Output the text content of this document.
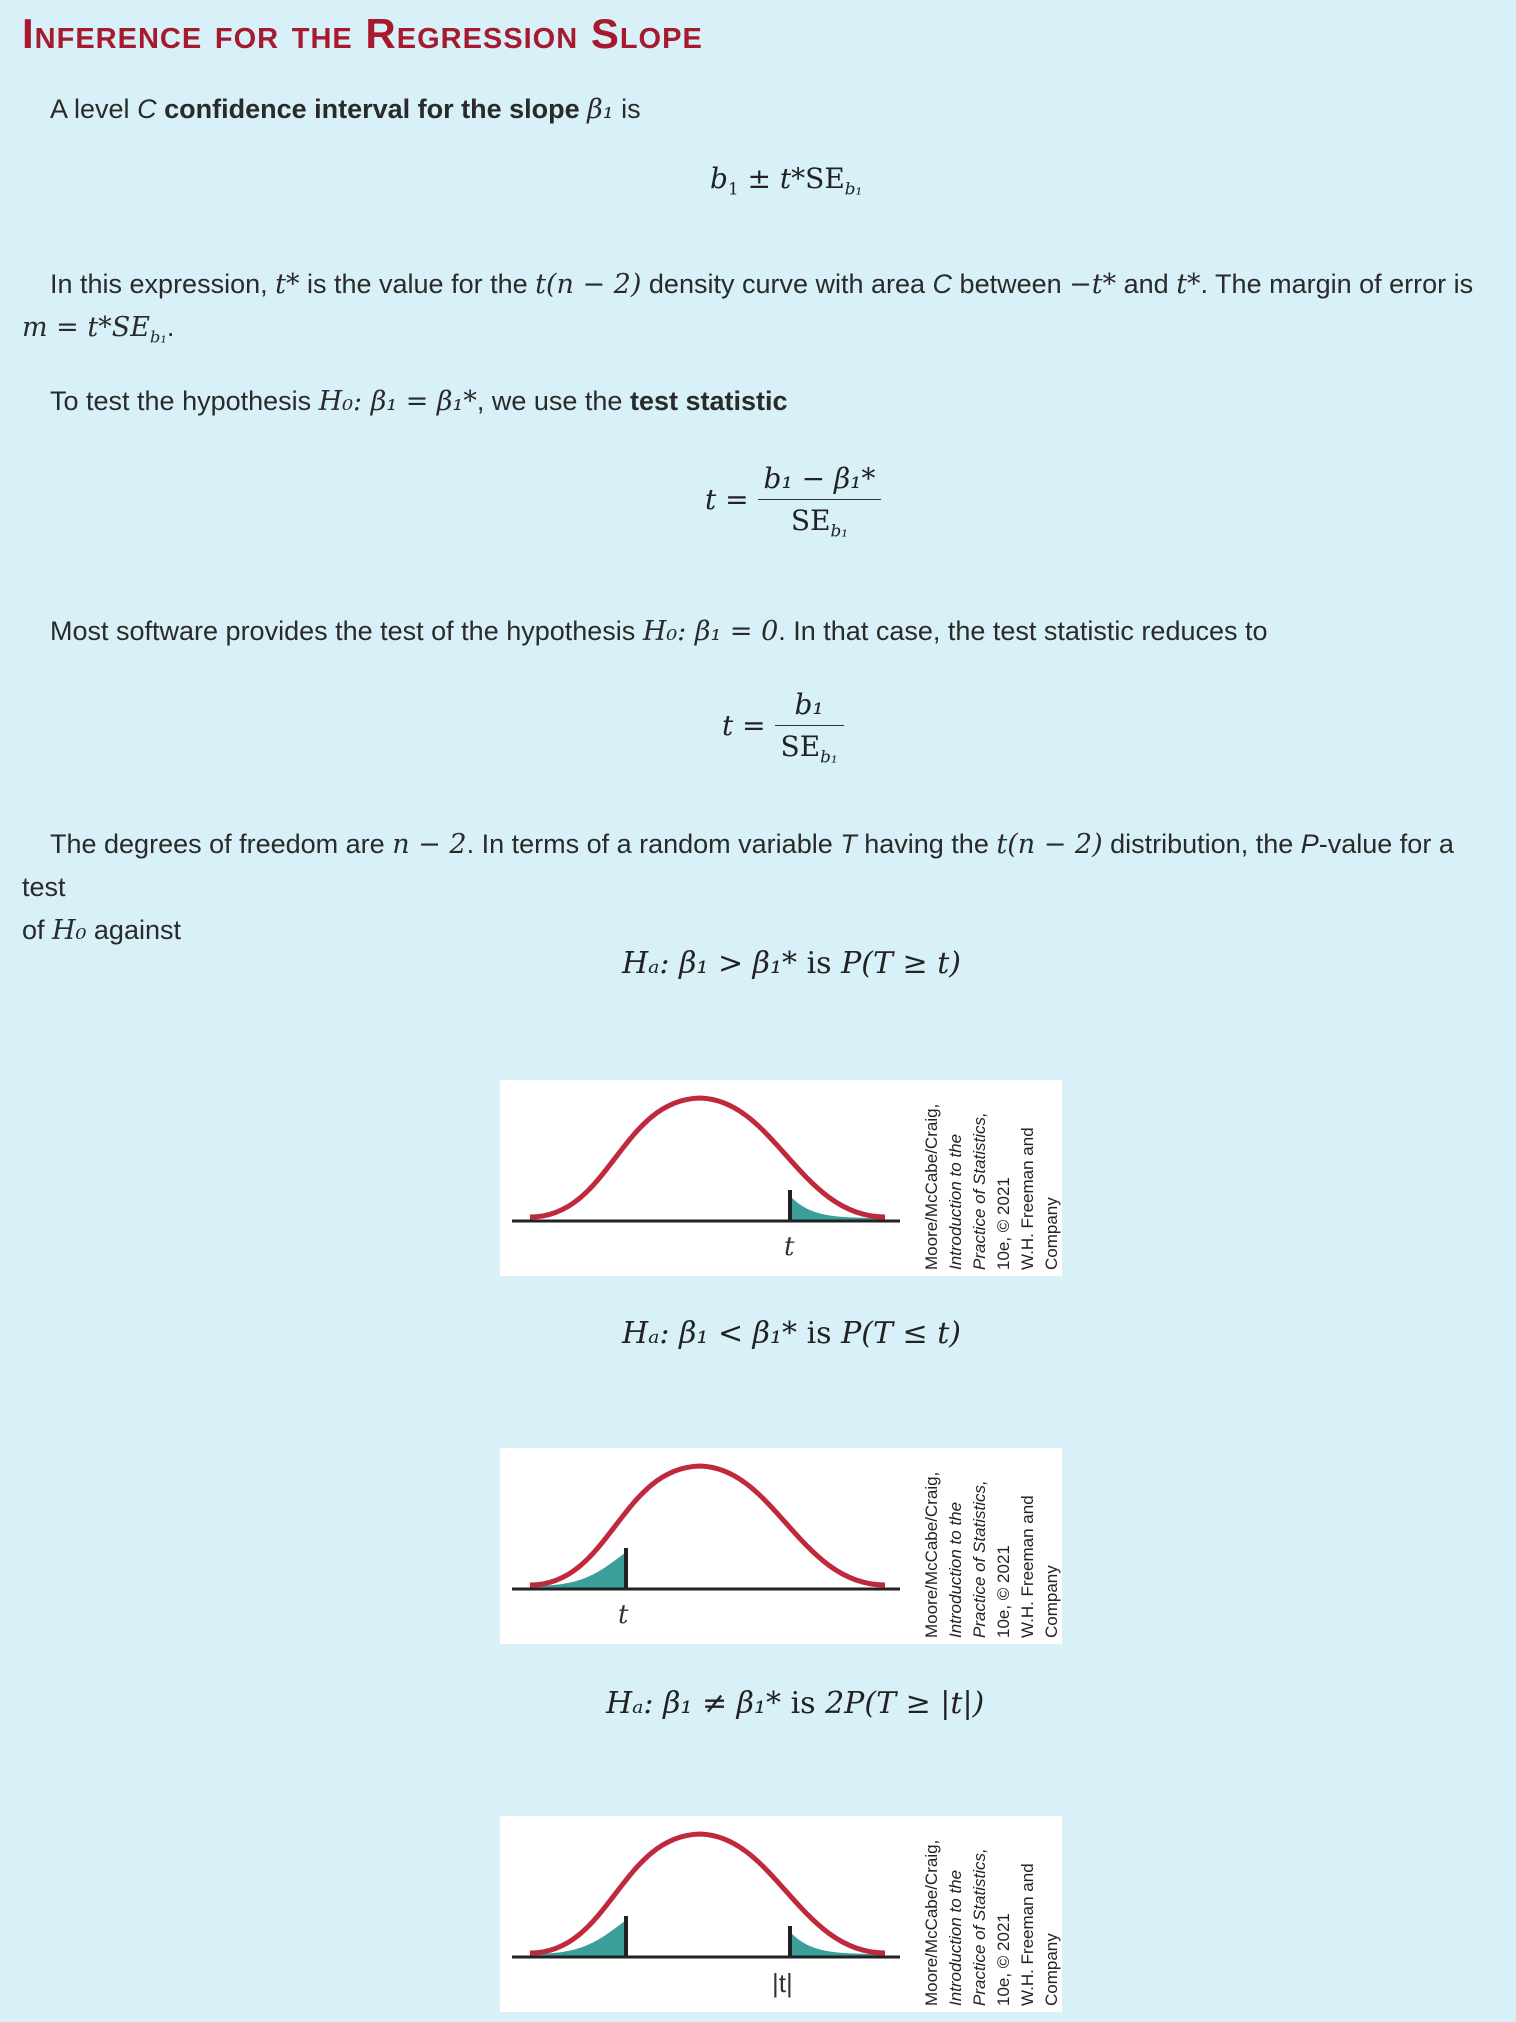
Inference for the Regression Slope
A level C confidence interval for the slope β₁ is
$b_1 \pm t*SE_{b_1}$
In this expression, t* is the value for the t(n − 2) density curve with area C between −t* and t*. The margin of error is
$m = t*SE_{b_1}$.
To test the hypothesis H₀: β₁ = β₁*, we use the test statistic
$t = \frac{\text{b₁ − β₁*}}{SE_{b_1}}$
Most software provides the test of the hypothesis H₀: β₁ = 0. In that case, the test statistic reduces to
$t = \frac{\text{b₁}}{SE_{b_1}}$
The degrees of freedom are n − 2. In terms of a random variable T having the t(n − 2) distribution, the P-value for a test
of H₀ against
Hₐ: β₁ > β₁* is P(T ≥ t)
t	Moore/McCabe/Craig, Introduction to the Practice of Statistics, 10e, © 2021 W.H. Freeman and Company
Hₐ: β₁ < β₁* is P(T ≤ t)
t	Moore/McCabe/Craig, Introduction to the Practice of Statistics, 10e, © 2021 W.H. Freeman and Company
Hₐ: β₁ ≠ β₁* is 2P(T ≥ |t|)
|t|	Moore/McCabe/Craig, Introduction to the Practice of Statistics, 10e, © 2021 W.H. Freeman and Company
